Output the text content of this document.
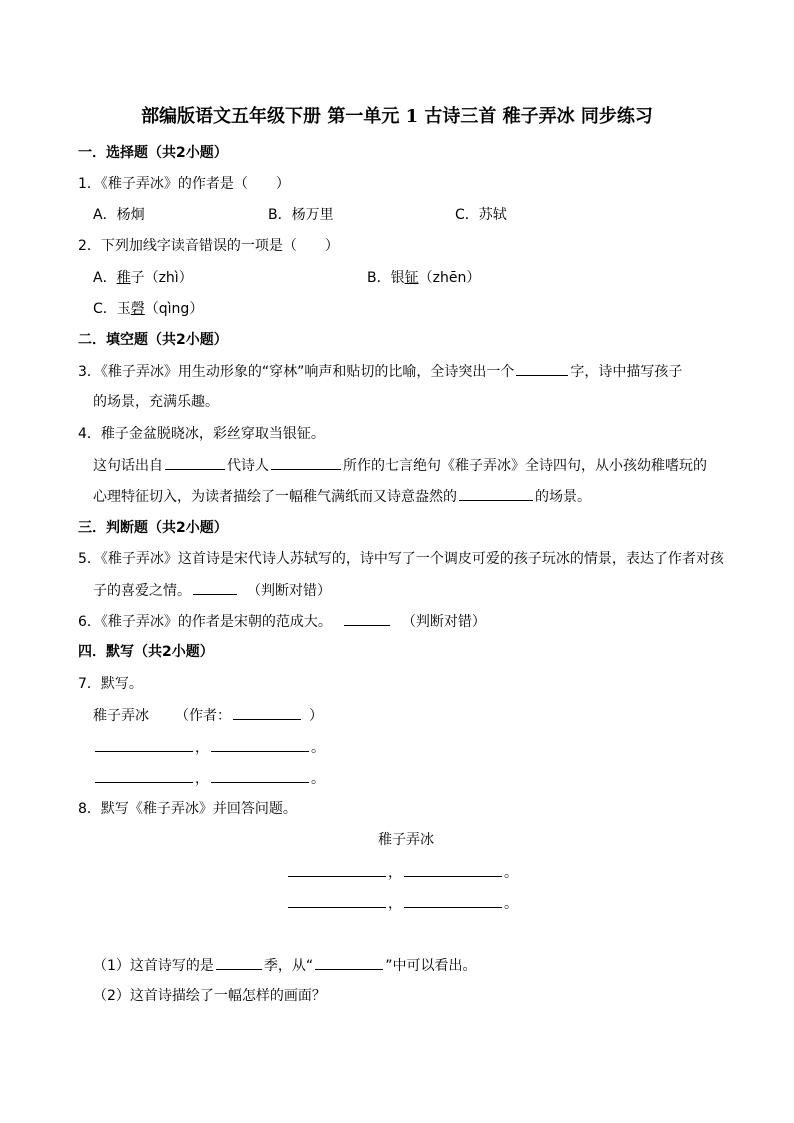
部编版语文五年级下册 第一单元 1 古诗三首 稚子弄冰 同步练习
一．选择题（共2小题）
1．《稚子弄冰》的作者是（　　）
A．杨炯	B．杨万里	C．苏轼
2．下列加线字读音错误的一项是（　　）
A．稚子（zhì）	B．银钲（zhēn）
C．玉磬（qìng）
二．填空题（共2小题）
3．《稚子弄冰》用生动形象的“穿林”响声和贴切的比喻，全诗突出一个	字，诗中描写孩子
的场景，充满乐趣。
4．稚子金盆脱晓冰，彩丝穿取当银钲。
这句话出自	代诗人	所作的七言绝句《稚子弄冰》全诗四句，从小孩幼稚嗜玩的
心理特征切入，为读者描绘了一幅稚气满纸而又诗意盎然的	的场景。
三．判断题（共2小题）
5．《稚子弄冰》这首诗是宋代诗人苏轼写的，诗中写了一个调皮可爱的孩子玩冰的情景，表达了作者对孩
子的喜爱之情。	（判断对错）
6．《稚子弄冰》的作者是宋朝的范成大。	（判断对错）
四．默写（共2小题）
7．默写。
稚子弄冰 （作者：	）
，	。
，	。
8．默写《稚子弄冰》并回答问题。
稚子弄冰
，	。
，	。
（1）这首诗写的是	季，从“	”中可以看出。
（2）这首诗描绘了一幅怎样的画面？
